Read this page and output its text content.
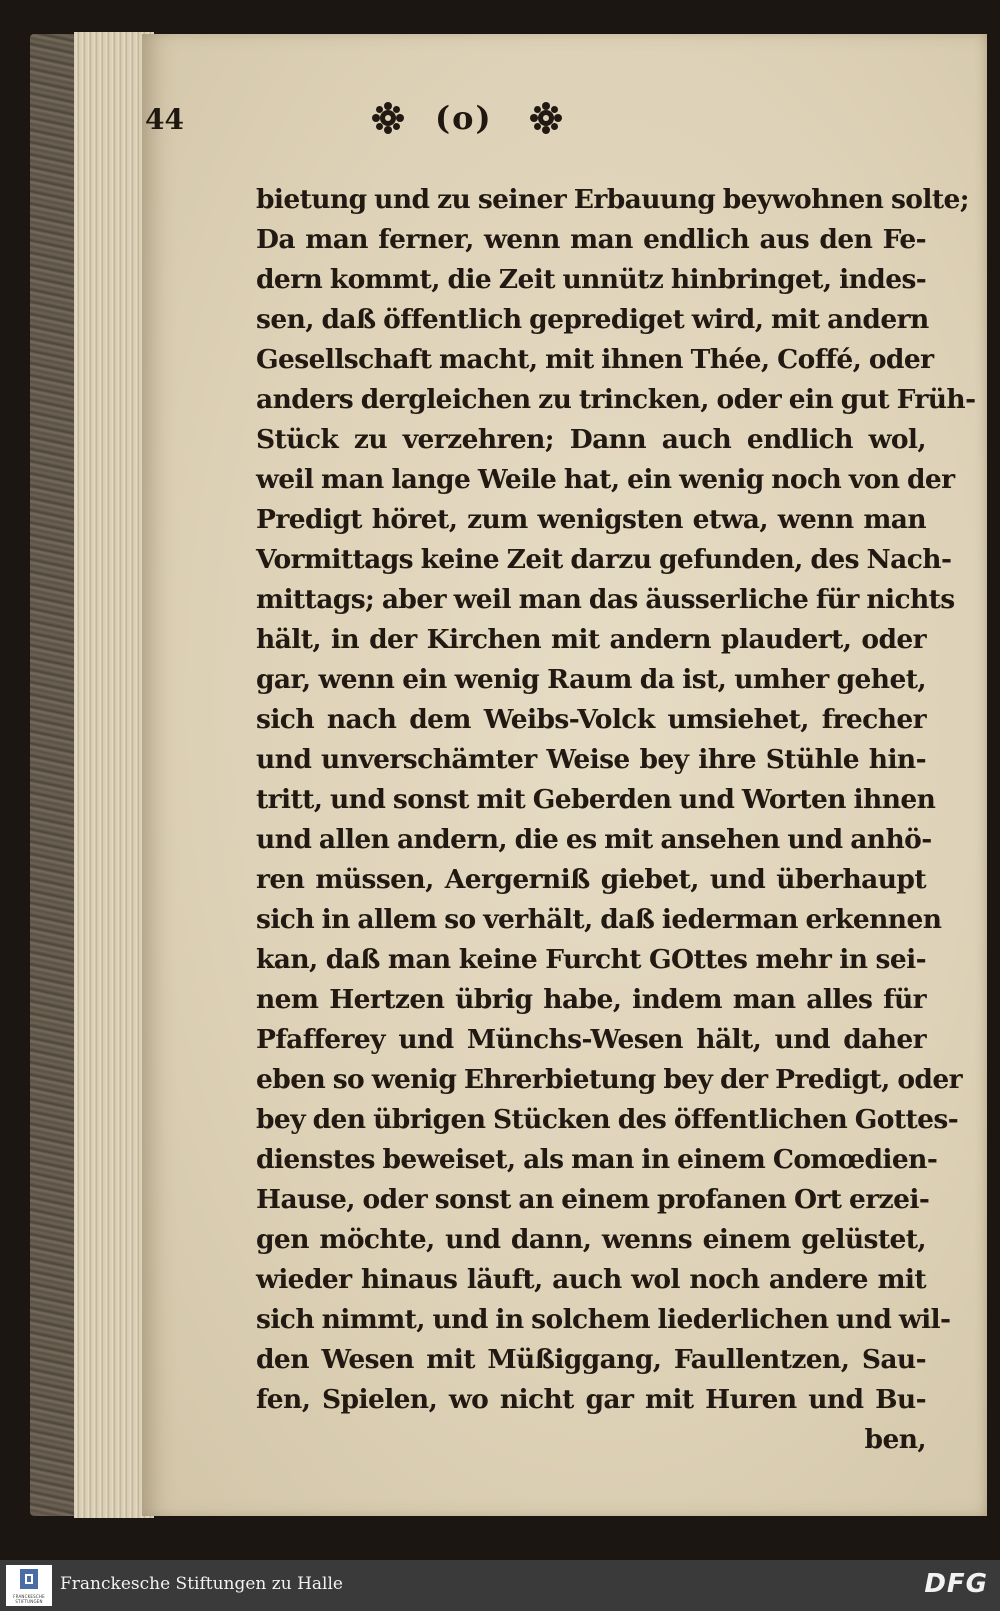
44	(o)
bietung und zu seiner Erbauung beywohnen solte;
Da man ferner, wenn man endlich aus den Fe-
dern kommt, die Zeit unnütz hinbringet, indes-
sen, daß öffentlich geprediget wird, mit andern
Gesellschaft macht, mit ihnen Thée, Coffé, oder
anders dergleichen zu trincken, oder ein gut Früh-
Stück zu verzehren; Dann auch endlich wol,
weil man lange Weile hat, ein wenig noch von der
Predigt höret, zum wenigsten etwa, wenn man
Vormittags keine Zeit darzu gefunden, des Nach-
mittags; aber weil man das äusserliche für nichts
hält, in der Kirchen mit andern plaudert, oder
gar, wenn ein wenig Raum da ist, umher gehet,
sich nach dem Weibs-Volck umsiehet, frecher
und unverschämter Weise bey ihre Stühle hin-
tritt, und sonst mit Geberden und Worten ihnen
und allen andern, die es mit ansehen und anhö-
ren müssen, Aergerniß giebet, und überhaupt
sich in allem so verhält, daß iederman erkennen
kan, daß man keine Furcht GOttes mehr in sei-
nem Hertzen übrig habe, indem man alles für
Pfafferey und Münchs-Wesen hält, und daher
eben so wenig Ehrerbietung bey der Predigt, oder
bey den übrigen Stücken des öffentlichen Gottes-
dienstes beweiset, als man in einem Comœdien-
Hause, oder sonst an einem profanen Ort erzei-
gen möchte, und dann, wenns einem gelüstet,
wieder hinaus läuft, auch wol noch andere mit
sich nimmt, und in solchem liederlichen und wil-
den Wesen mit Müßiggang, Faullentzen, Sau-
fen, Spielen, wo nicht gar mit Huren und Bu-
ben,
FRANCKESCHE STIFTUNGEN
Franckesche Stiftungen zu Halle	DFG
